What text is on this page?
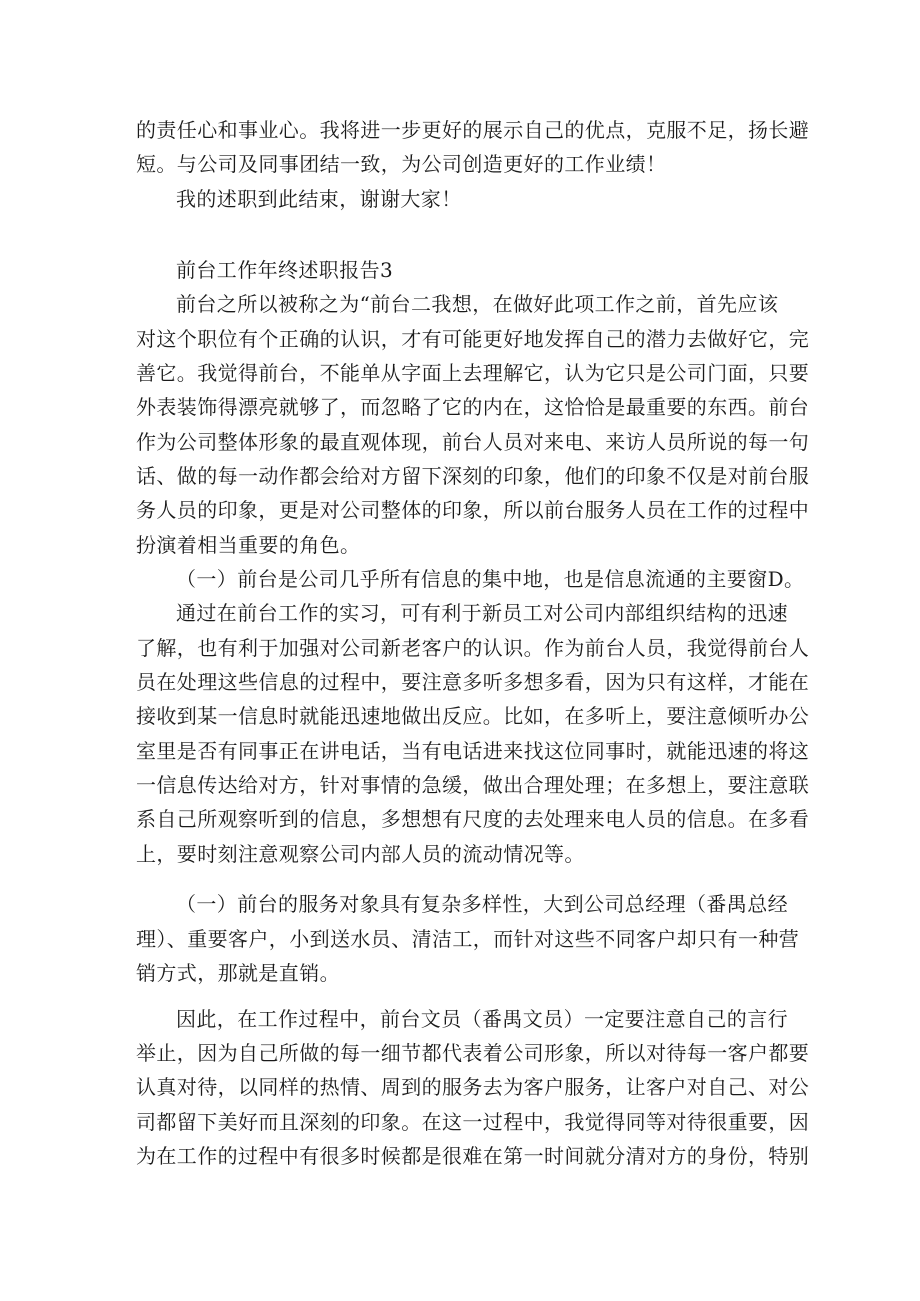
的责任心和事业心。我将进一步更好的展示自己的优点，克服不足，扬长避
短。与公司及同事团结一致，为公司创造更好的工作业绩！
我的述职到此结束，谢谢大家！
前台工作年终述职报告3
前台之所以被称之为“前台二我想，在做好此项工作之前，首先应该
对这个职位有个正确的认识，才有可能更好地发挥自己的潜力去做好它，完
善它。我觉得前台，不能单从字面上去理解它，认为它只是公司门面，只要
外表装饰得漂亮就够了，而忽略了它的内在，这恰恰是最重要的东西。前台
作为公司整体形象的最直观体现，前台人员对来电、来访人员所说的每一句
话、做的每一动作都会给对方留下深刻的印象，他们的印象不仅是对前台服
务人员的印象，更是对公司整体的印象，所以前台服务人员在工作的过程中
扮演着相当重要的角色。
（一）前台是公司几乎所有信息的集中地，也是信息流通的主要窗D。
通过在前台工作的实习，可有利于新员工对公司内部组织结构的迅速
了解，也有利于加强对公司新老客户的认识。作为前台人员，我觉得前台人
员在处理这些信息的过程中，要注意多听多想多看，因为只有这样，才能在
接收到某一信息时就能迅速地做出反应。比如，在多听上，要注意倾听办公
室里是否有同事正在讲电话，当有电话进来找这位同事时，就能迅速的将这
一信息传达给对方，针对事情的急缓，做出合理处理；在多想上，要注意联
系自己所观察听到的信息，多想想有尺度的去处理来电人员的信息。在多看
上，要时刻注意观察公司内部人员的流动情况等。
（一）前台的服务对象具有复杂多样性，大到公司总经理（番禺总经
理）、重要客户，小到送水员、清洁工，而针对这些不同客户却只有一种营
销方式，那就是直销。
因此，在工作过程中，前台文员（番禺文员）一定要注意自己的言行
举止，因为自己所做的每一细节都代表着公司形象，所以对待每一客户都要
认真对待，以同样的热情、周到的服务去为客户服务，让客户对自己、对公
司都留下美好而且深刻的印象。在这一过程中，我觉得同等对待很重要，因
为在工作的过程中有很多时候都是很难在第一时间就分清对方的身份，特别
